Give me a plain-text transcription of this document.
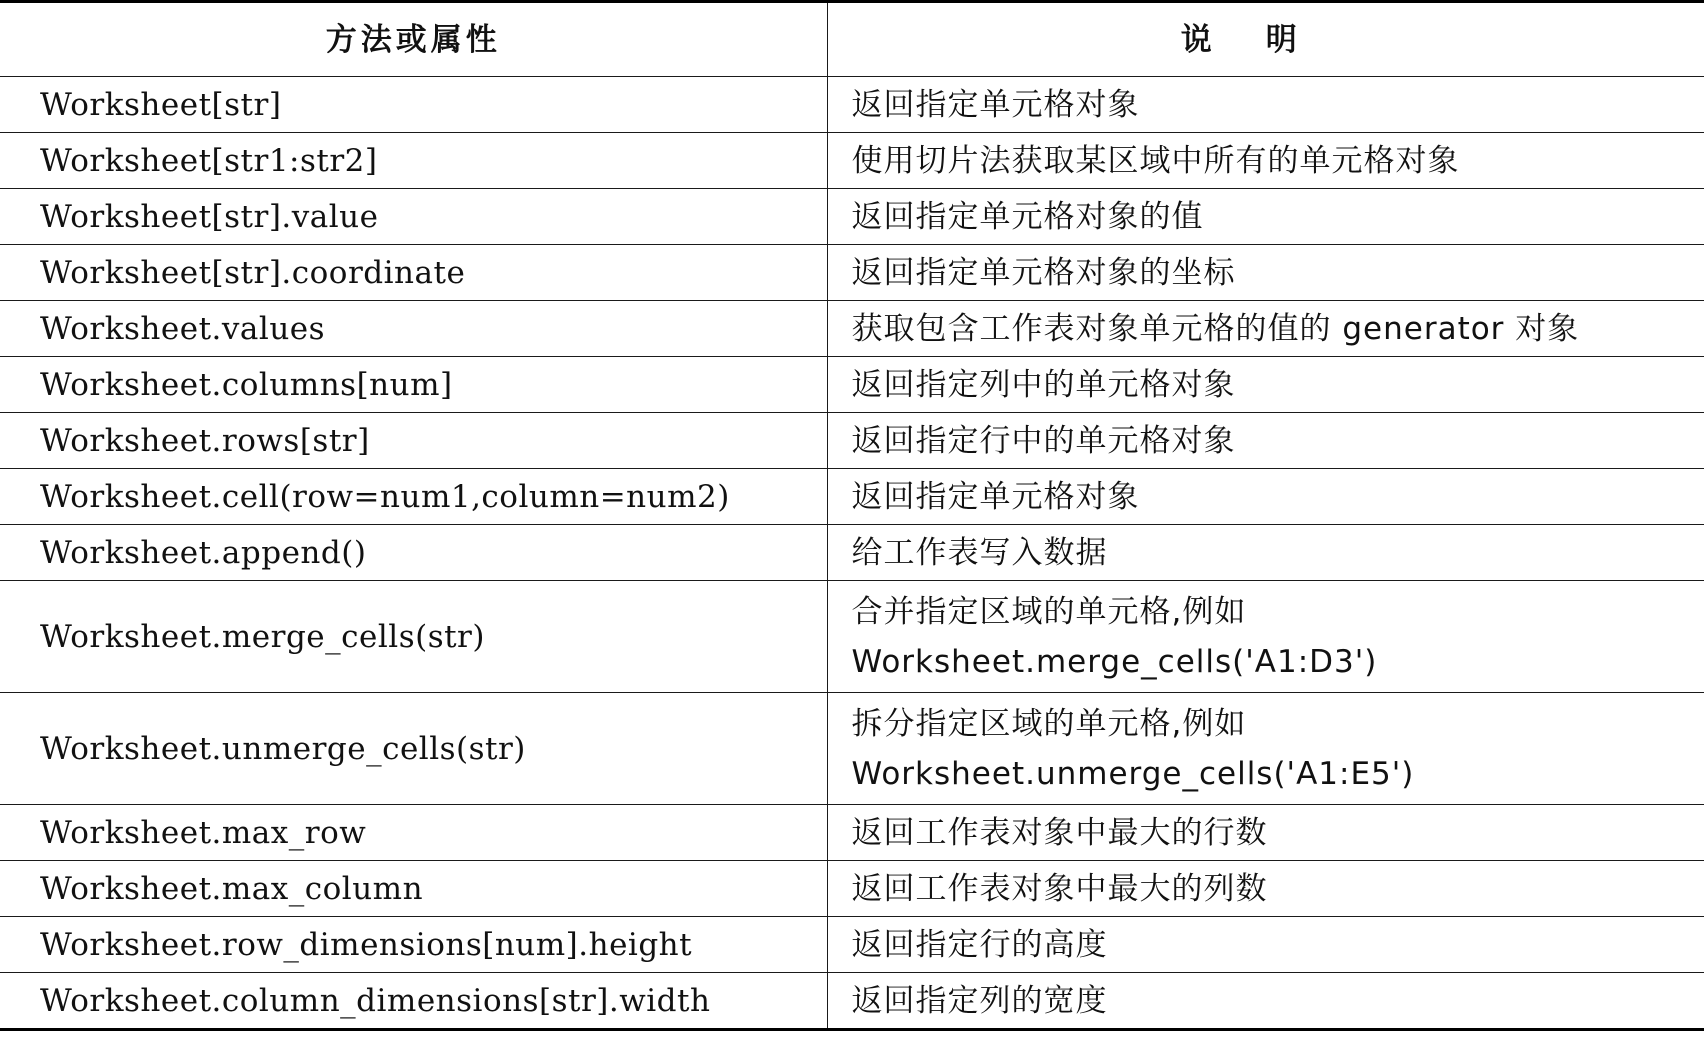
方法或属性	说明
Worksheet[str]	返回指定单元格对象
Worksheet[str1:str2]	使用切片法获取某区域中所有的单元格对象
Worksheet[str].value	返回指定单元格对象的值
Worksheet[str].coordinate	返回指定单元格对象的坐标
Worksheet.values	获取包含工作表对象单元格的值的 generator 对象
Worksheet.columns[num]	返回指定列中的单元格对象
Worksheet.rows[str]	返回指定行中的单元格对象
Worksheet.cell(row=num1,column=num2)	返回指定单元格对象
Worksheet.append()	给工作表写入数据
Worksheet.merge_cells(str)	合并指定区域的单元格,例如 Worksheet.merge_cells('A1:D3')
Worksheet.unmerge_cells(str)	拆分指定区域的单元格,例如 Worksheet.unmerge_cells('A1:E5')
Worksheet.max_row	返回工作表对象中最大的行数
Worksheet.max_column	返回工作表对象中最大的列数
Worksheet.row_dimensions[num].height	返回指定行的高度
Worksheet.column_dimensions[str].width	返回指定列的宽度
